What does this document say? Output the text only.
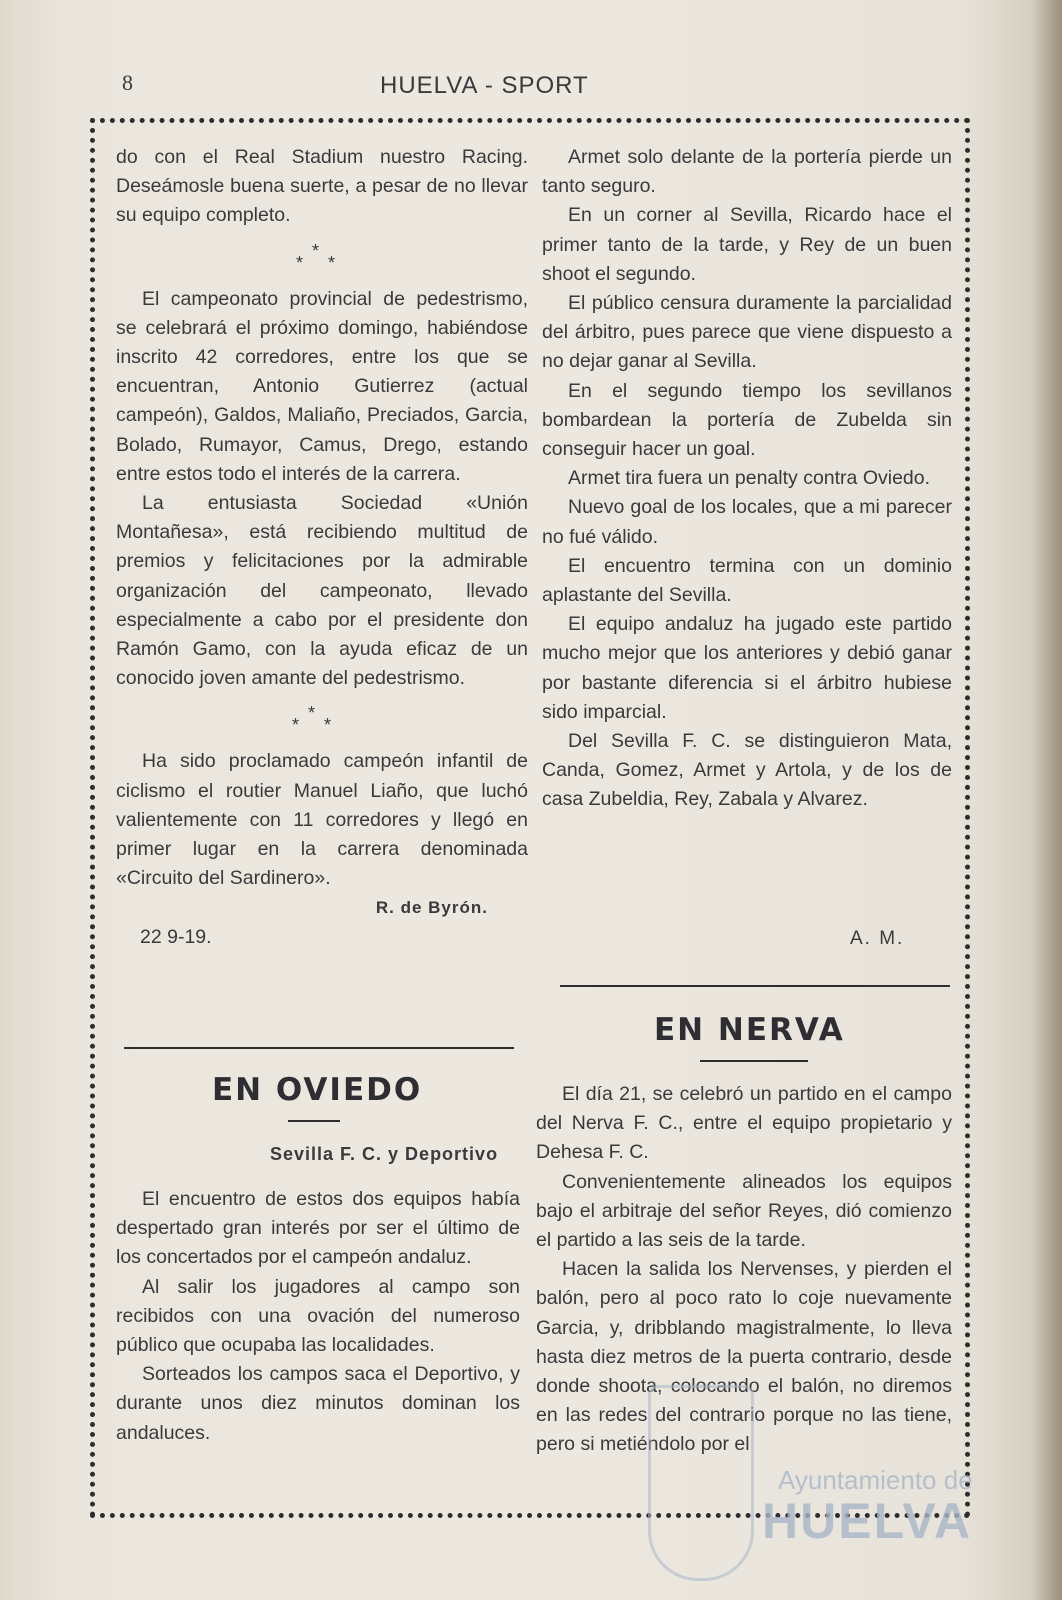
8	HUELVA - SPORT

do con el Real Stadium nuestro Racing. Deseámosle buena suerte, a pesar de no llevar su equipo completo.

*
* *

El campeonato provincial de pedestrismo, se celebrará el próximo domingo, habiéndose inscrito 42 corredores, entre los que se encuentran, Antonio Gutierrez (actual campeón), Galdos, Maliaño, Preciados, Garcia, Bolado, Rumayor, Camus, Drego, estando entre estos todo el interés de la carrera.

La entusiasta Sociedad «Unión Montañesa», está recibiendo multitud de premios y felicitaciones por la admirable organización del campeonato, llevado especialmente a cabo por el presidente don Ramón Gamo, con la ayuda eficaz de un conocido joven amante del pedestrismo.

*
* *

Ha sido proclamado campeón infantil de ciclismo el routier Manuel Liaño, que luchó valientemente con 11 corredores y llegó en primer lugar en la carrera denominada «Circuito del Sardinero».

R. de Byrón.
22 9-19.
EN OVIEDO
Sevilla F. C. y Deportivo

El encuentro de estos dos equipos había despertado gran interés por ser el último de los concertados por el campeón andaluz.

Al salir los jugadores al campo son recibidos con una ovación del numeroso público que ocupaba las localidades.

Sorteados los campos saca el Deportivo, y durante unos diez minutos dominan los andaluces.

Armet solo delante de la portería pierde un tanto seguro.

En un corner al Sevilla, Ricardo hace el primer tanto de la tarde, y Rey de un buen shoot el segundo.

El público censura duramente la parcialidad del árbitro, pues parece que viene dispuesto a no dejar ganar al Sevilla.

En el segundo tiempo los sevillanos bombardean la portería de Zubelda sin conseguir hacer un goal.

Armet tira fuera un penalty contra Oviedo.

Nuevo goal de los locales, que a mi parecer no fué válido.

El encuentro termina con un dominio aplastante del Sevilla.

El equipo andaluz ha jugado este partido mucho mejor que los anteriores y debió ganar por bastante diferencia si el árbitro hubiese sido imparcial.

Del Sevilla F. C. se distinguieron Mata, Canda, Gomez, Armet y Artola, y de los de casa Zubeldia, Rey, Zabala y Alvarez.

A. M.
EN NERVA

El día 21, se celebró un partido en el campo del Nerva F. C., entre el equipo propietario y Dehesa F. C.

Convenientemente alineados los equipos bajo el arbitraje del señor Reyes, dió comienzo el partido a las seis de la tarde.

Hacen la salida los Nervenses, y pierden el balón, pero al poco rato lo coje nuevamente Garcia, y, dribblando magistralmente, lo lleva hasta diez metros de la puerta contrario, desde donde shoota, colocando el balón, no diremos en las redes del contrario porque no las tiene, pero si metiéndolo por el

Ayuntamiento de
HUELVA
